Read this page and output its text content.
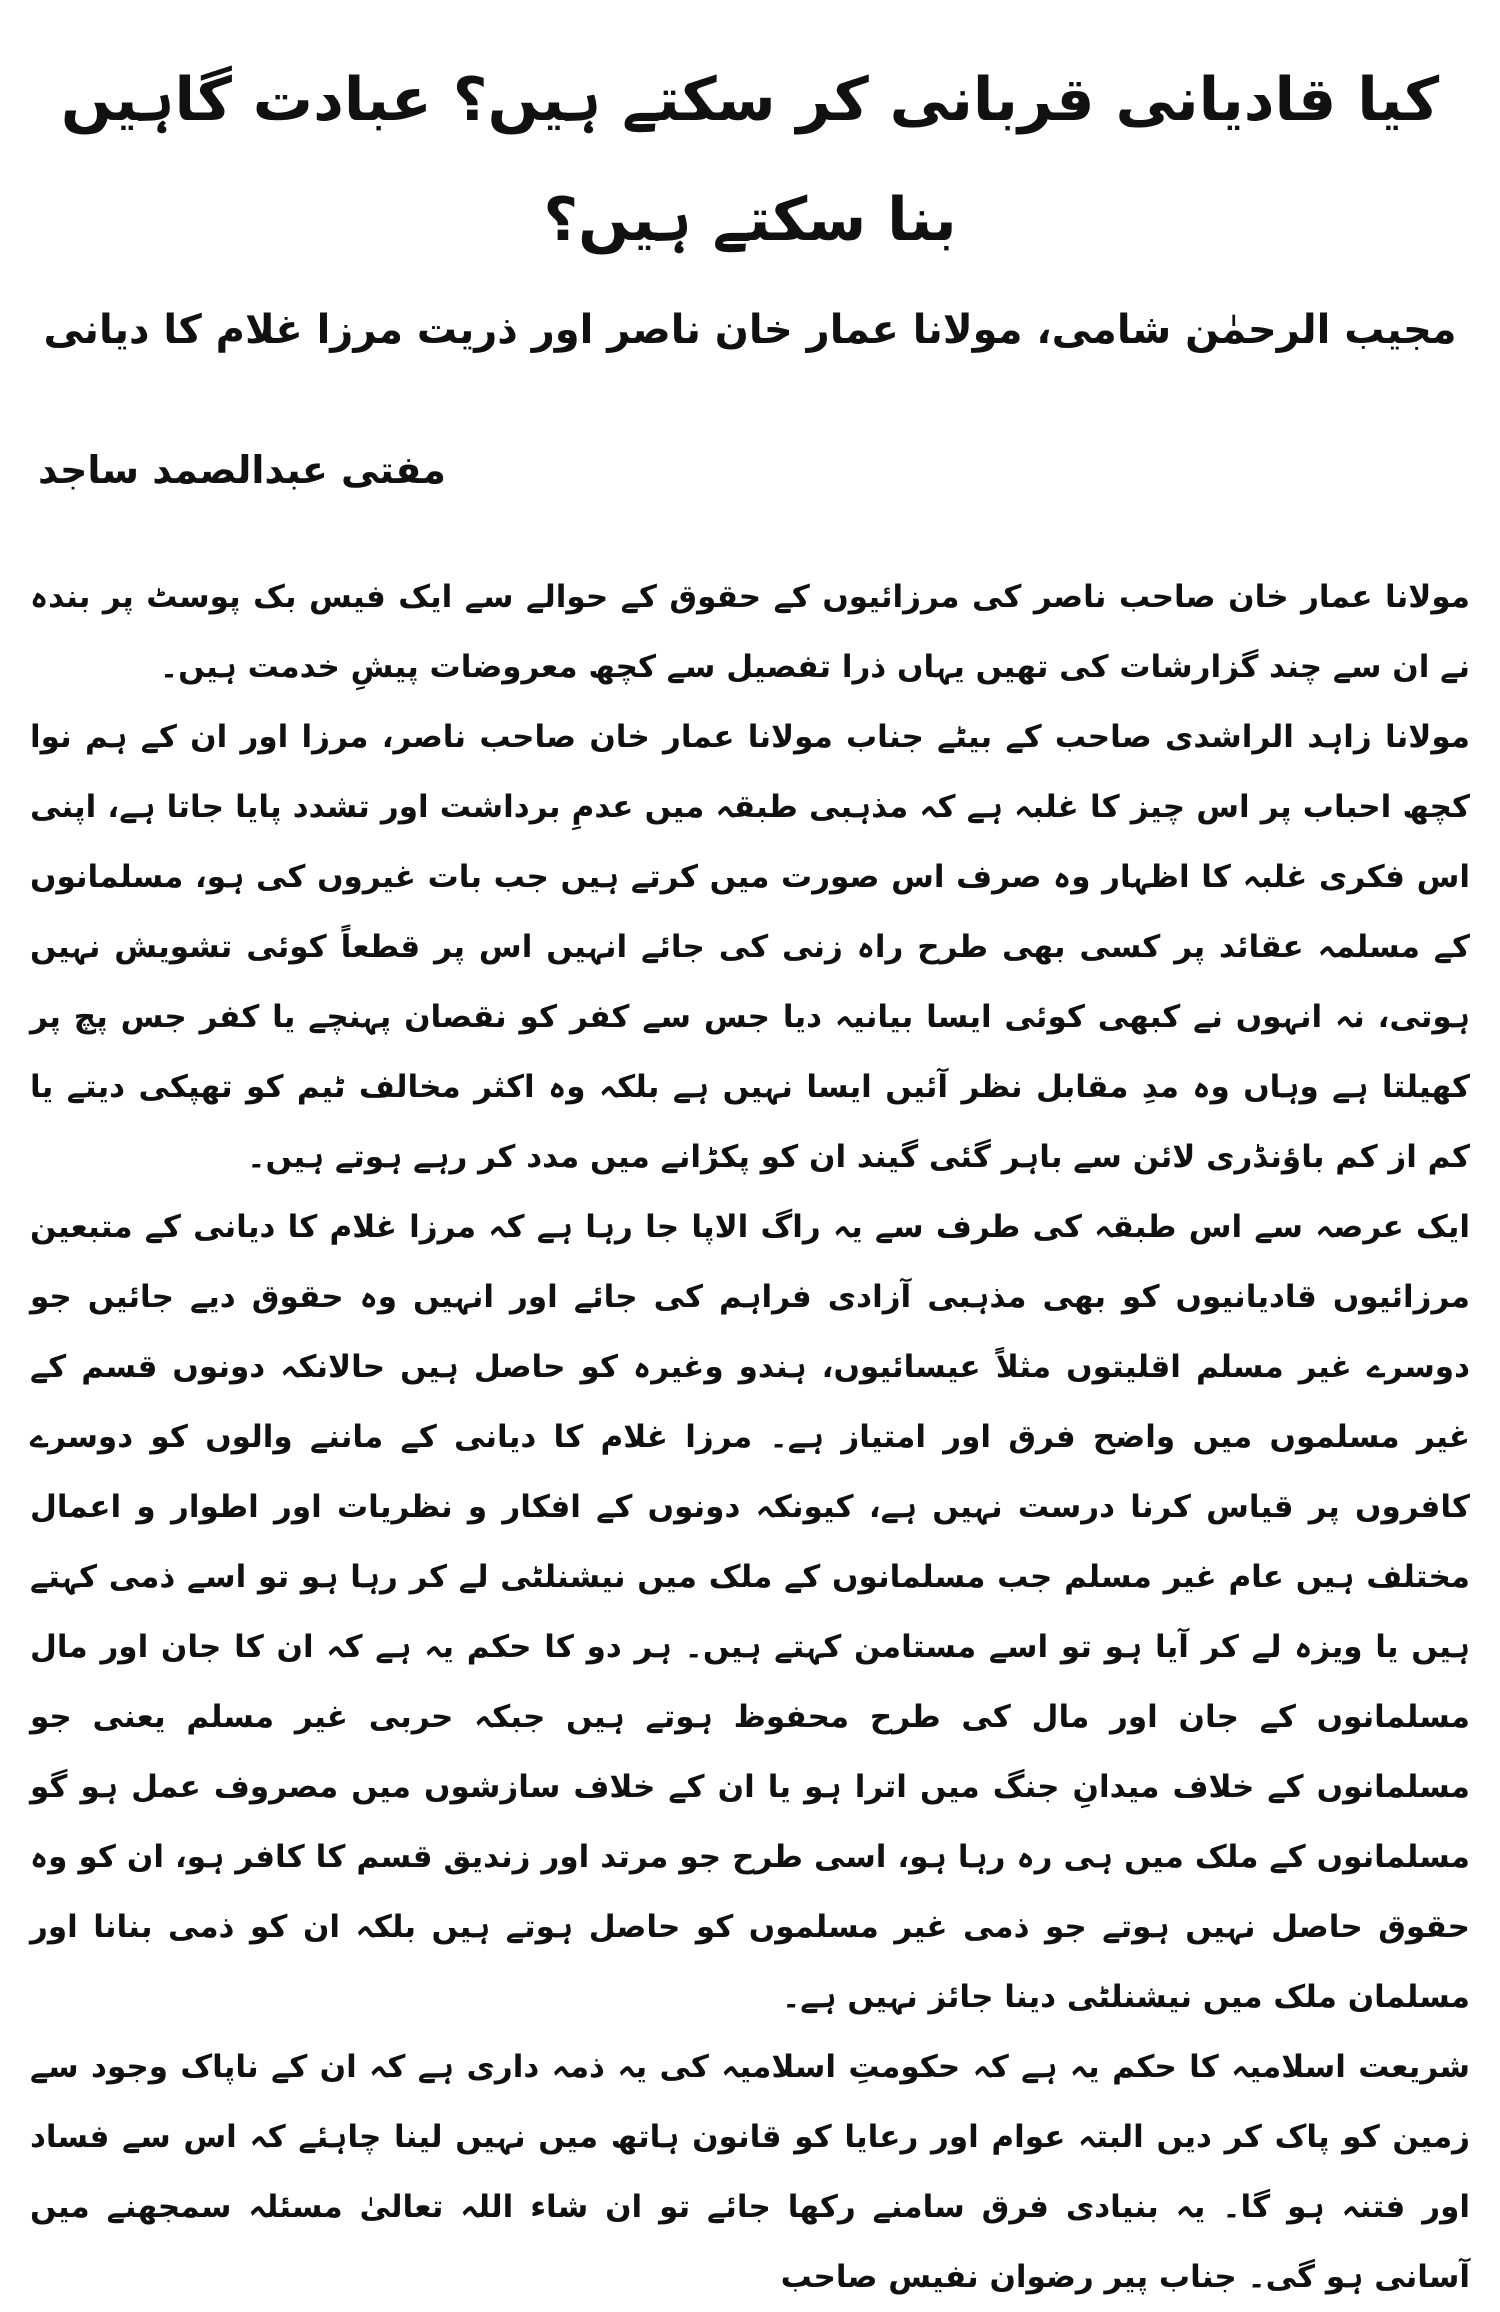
کیا قادیانی قربانی کر سکتے ہیں؟ عبادت گاہیں بنا سکتے ہیں؟
مجیب الرحمٰن شامی، مولانا عمار خان ناصر اور ذریت مرزا غلام کا دیانی
مفتی عبدالصمد ساجد

مولانا عمار خان صاحب ناصر کی مرزائیوں کے حقوق کے حوالے سے ایک فیس بک پوسٹ پر بندہ نے ان سے چند گزارشات کی تھیں یہاں ذرا تفصیل سے کچھ معروضات پیشِ خدمت ہیں۔

مولانا زاہد الراشدی صاحب کے بیٹے جناب مولانا عمار خان صاحب ناصر، مرزا اور ان کے ہم نوا کچھ احباب پر اس چیز کا غلبہ ہے کہ مذہبی طبقہ میں عدمِ برداشت اور تشدد پایا جاتا ہے، اپنی اس فکری غلبہ کا اظہار وہ صرف اس صورت میں کرتے ہیں جب بات غیروں کی ہو، مسلمانوں کے مسلمہ عقائد پر کسی بھی طرح راہ زنی کی جائے انہیں اس پر قطعاً کوئی تشویش نہیں ہوتی، نہ انہوں نے کبھی کوئی ایسا بیانیہ دیا جس سے کفر کو نقصان پہنچے یا کفر جس پچ پر کھیلتا ہے وہاں وہ مدِ مقابل نظر آئیں ایسا نہیں ہے بلکہ وہ اکثر مخالف ٹیم کو تھپکی دیتے یا کم از کم باؤنڈری لائن سے باہر گئی گیند ان کو پکڑانے میں مدد کر رہے ہوتے ہیں۔

ایک عرصہ سے اس طبقہ کی طرف سے یہ راگ الاپا جا رہا ہے کہ مرزا غلام کا دیانی کے متبعین مرزائیوں قادیانیوں کو بھی مذہبی آزادی فراہم کی جائے اور انہیں وہ حقوق دیے جائیں جو دوسرے غیر مسلم اقلیتوں مثلاً عیسائیوں، ہندو وغیرہ کو حاصل ہیں حالانکہ دونوں قسم کے غیر مسلموں میں واضح فرق اور امتیاز ہے۔ مرزا غلام کا دیانی کے ماننے والوں کو دوسرے کافروں پر قیاس کرنا درست نہیں ہے، کیونکہ دونوں کے افکار و نظریات اور اطوار و اعمال مختلف ہیں عام غیر مسلم جب مسلمانوں کے ملک میں نیشنلٹی لے کر رہا ہو تو اسے ذمی کہتے ہیں یا ویزہ لے کر آیا ہو تو اسے مستامن کہتے ہیں۔ ہر دو کا حکم یہ ہے کہ ان کا جان اور مال مسلمانوں کے جان اور مال کی طرح محفوظ ہوتے ہیں جبکہ حربی غیر مسلم یعنی جو مسلمانوں کے خلاف میدانِ جنگ میں اترا ہو یا ان کے خلاف سازشوں میں مصروف عمل ہو گو مسلمانوں کے ملک میں ہی رہ رہا ہو، اسی طرح جو مرتد اور زندیق قسم کا کافر ہو، ان کو وہ حقوق حاصل نہیں ہوتے جو ذمی غیر مسلموں کو حاصل ہوتے ہیں بلکہ ان کو ذمی بنانا اور مسلمان ملک میں نیشنلٹی دینا جائز نہیں ہے۔

شریعت اسلامیہ کا حکم یہ ہے کہ حکومتِ اسلامیہ کی یہ ذمہ داری ہے کہ ان کے ناپاک وجود سے زمین کو پاک کر دیں البتہ عوام اور رعایا کو قانون ہاتھ میں نہیں لینا چاہئے کہ اس سے فساد اور فتنہ ہو گا۔ یہ بنیادی فرق سامنے رکھا جائے تو ان شاء اللہ تعالیٰ مسئلہ سمجھنے میں آسانی ہو گی۔ جناب پیر رضوان نفیس صاحب
